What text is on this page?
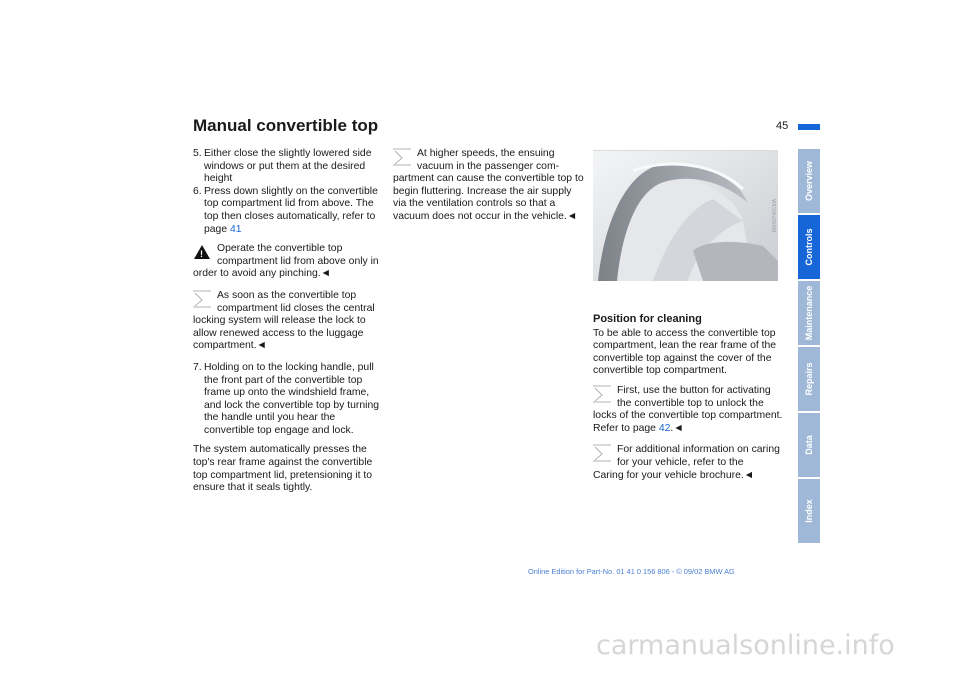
Manual convertible top	45
5. Either close the slightly lowered side windows or put them at the desired height
6. Press down slightly on the convertible top compartment lid from above. The top then closes automatically, refer to page 41
!	Operate the convertible top compartment lid from above only in
order to avoid any pinching.◄
As soon as the convertible top compartment lid closes the central
locking system will release the lock to allow renewed access to the luggage compartment.◄
7. Holding on to the locking handle, pull the front part of the convertible top frame up onto the windshield frame, and lock the convertible top by turning the handle until you hear the convertible top engage and lock.

The system automatically presses the top's rear frame against the convertible top compartment lid, pretensioning it to ensure that it seals tightly.

At higher speeds, the ensuing vacuum in the passenger com-
partment can cause the convertible top to begin fluttering. Increase the air supply via the ventilation controls so that a vacuum does not occur in the vehicle.◄	MXX0740CMA
Position for cleaning

To be able to access the convertible top compartment, lean the rear frame of the convertible top against the cover of the convertible top compartment.

First, use the button for activating the convertible top to unlock the
locks of the convertible top compartment. Refer to page 42.◄
For additional information on caring for your vehicle, refer to the
Caring for your vehicle brochure.◄
Overview
Controls
Maintenance
Repairs
Data
Index
Online Edition for Part-No. 01 41 0 156 806 - © 09/02 BMW AG
carmanualsonline.info
